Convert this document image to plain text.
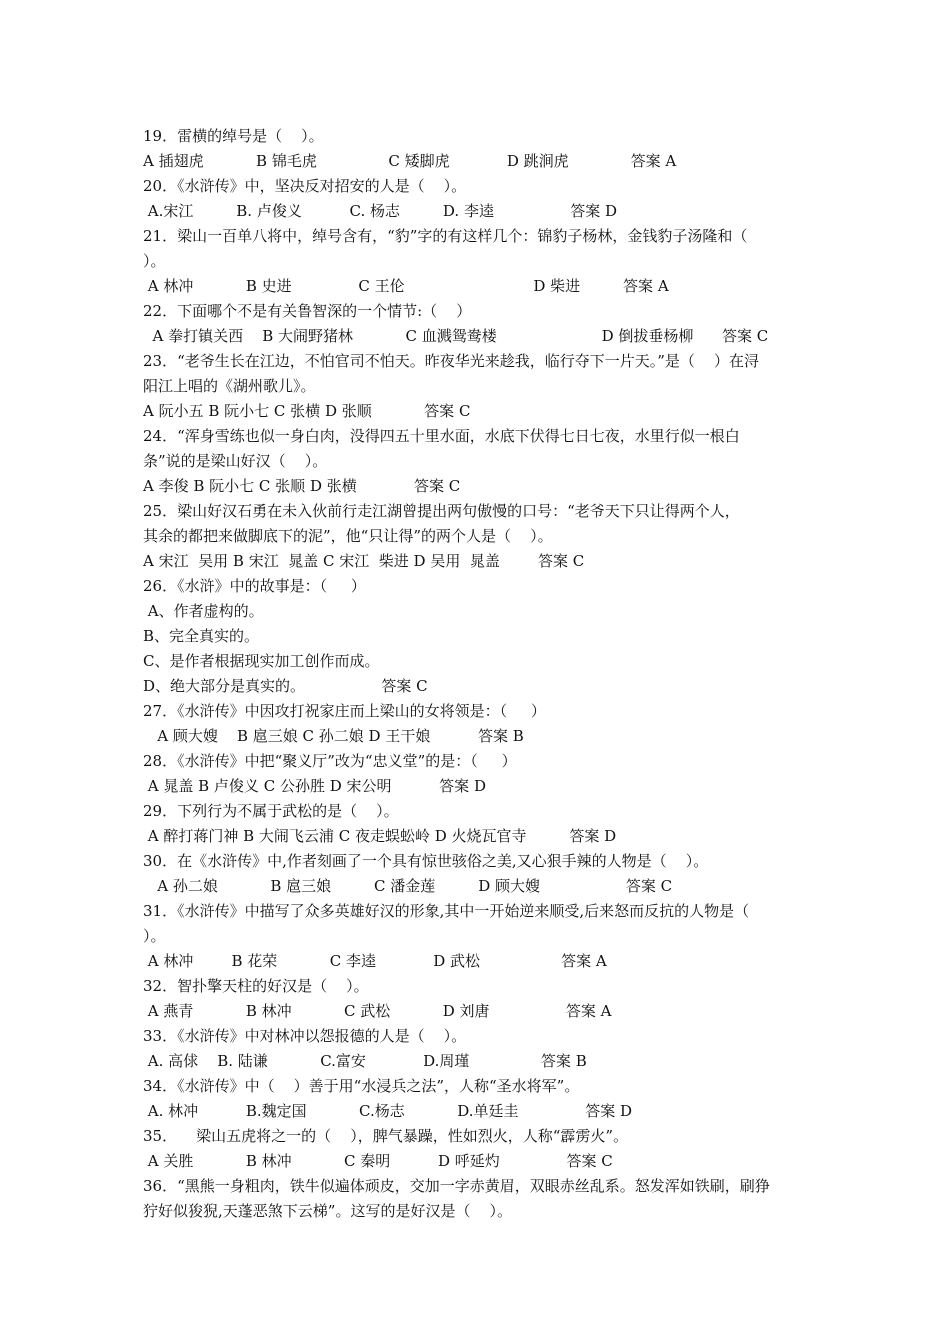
19．雷横的绰号是（    ）。
A 插翅虎           B 锦毛虎               C 矮脚虎            D 跳涧虎             答案 A
20．《水浒传》中，坚决反对招安的人是（    ）。
A.宋江         B. 卢俊义          C. 杨志         D. 李逵                答案 D
21．梁山一百单八将中，绰号含有，“豹”字的有这样几个：锦豹子杨林，金钱豹子汤隆和（
）。
A 林冲           B 史进              C 王伦                           D 柴进         答案 A
22．下面哪个不是有关鲁智深的一个情节:（    ）
A 拳打镇关西    B 大闹野猪林           C 血溅鸳鸯楼                      D 倒拔垂杨柳      答案 C
23．“老爷生长在江边，不怕官司不怕天。昨夜华光来趁我，临行夺下一片天。”是（    ）在浔
阳江上唱的《湖州歌儿》。
A 阮小五 B 阮小七 C 张横 D 张顺           答案 C
24．“浑身雪练也似一身白肉，没得四五十里水面，水底下伏得七日七夜，水里行似一根白
条”说的是梁山好汉（    ）。
A 李俊 B 阮小七 C 张顺 D 张横            答案 C
25．梁山好汉石勇在未入伙前行走江湖曾提出两句傲慢的口号：“老爷天下只让得两个人，
其余的都把来做脚底下的泥”，他“只让得”的两个人是（    ）。
A 宋江  吴用 B 宋江  晁盖 C 宋江  柴进 D 吴用  晁盖        答案 C
26．《水浒》中的故事是：（     ）
A、作者虚构的。
B、完全真实的。
C、是作者根据现实加工创作而成。
D、绝大部分是真实的。                答案 C
27．《水浒传》中因攻打祝家庄而上梁山的女将领是：（     ）
A 顾大嫂    B 扈三娘 C 孙二娘 D 王干娘          答案 B
28．《水浒传》中把“聚义厅”改为“忠义堂”的是：（     ）
A 晁盖 B 卢俊义 C 公孙胜 D 宋公明          答案 D
29．下列行为不属于武松的是（    ）。
A 醉打蒋门神 B 大闹飞云浦 C 夜走蜈蚣岭 D 火烧瓦官寺         答案 D
30．在《水浒传》中,作者刻画了一个具有惊世骇俗之美,又心狠手辣的人物是（    ）。
A 孙二娘           B 扈三娘         C 潘金莲         D 顾大嫂                  答案 C
31．《水浒传》中描写了众多英雄好汉的形象,其中一开始逆来顺受,后来怒而反抗的人物是（
）。
A 林冲        B 花荣           C 李逵            D 武松                 答案 A
32．智扑擎天柱的好汉是（    ）。
A 燕青           B 林冲           C 武松           D 刘唐                答案 A
33．《水浒传》中对林冲以怨报德的人是（    ）。
A. 高俅    B. 陆谦           C.富安            D.周瑾               答案 B
34．《水浒传》中（    ）善于用“水浸兵之法”，人称“圣水将军”。
A. 林冲          B.魏定国           C.杨志           D.单廷圭              答案 D
35．    梁山五虎将之一的（    ），脾气暴躁，性如烈火，人称“霹雳火”。
A 关胜           B 林冲           C 秦明          D 呼延灼              答案 C
36．“黑熊一身粗肉，铁牛似遍体顽皮，交加一字赤黄眉，双眼赤丝乱系。怒发浑如铁刷，刷狰
狞好似狻猊,天蓬恶煞下云梯”。这写的是好汉是（    ）。
